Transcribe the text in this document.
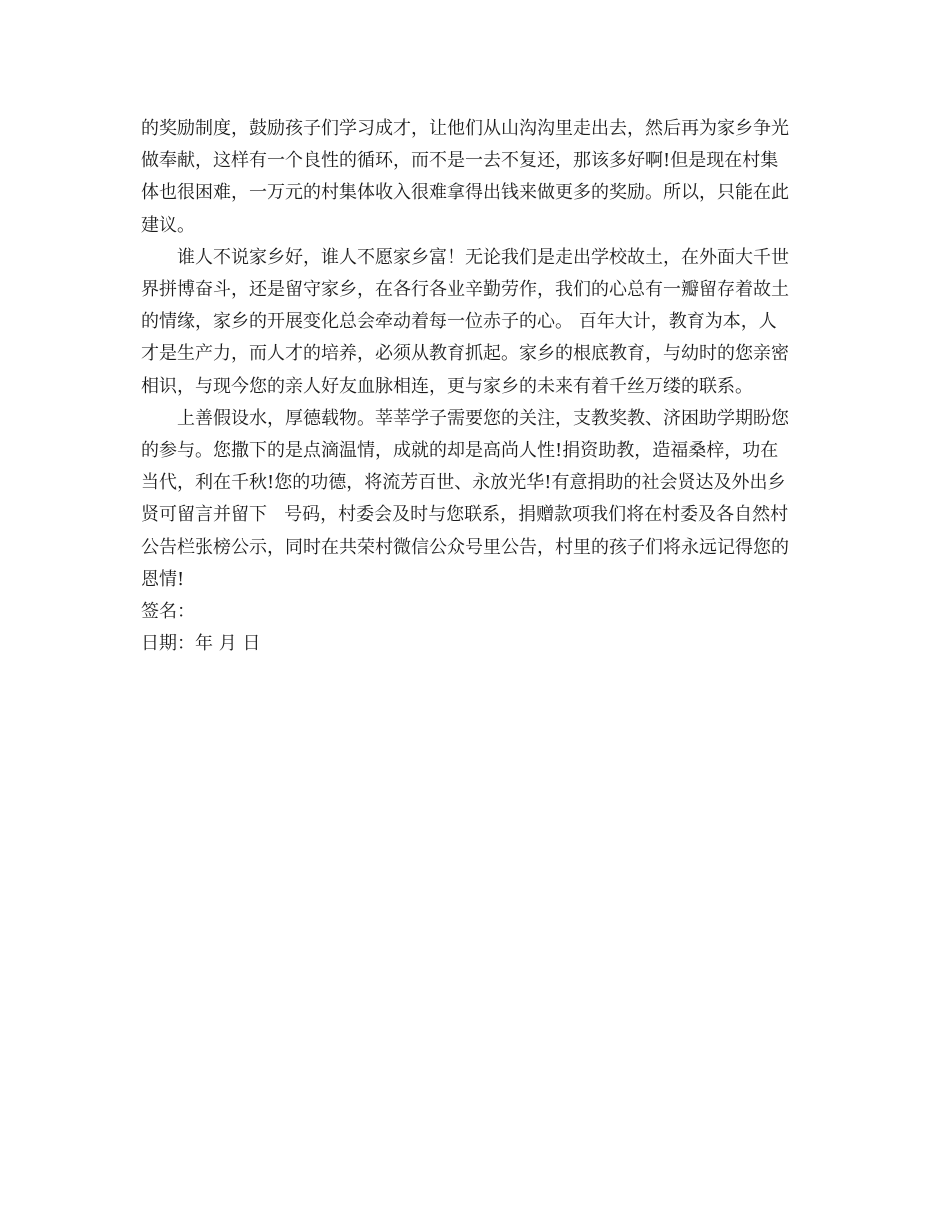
的奖励制度，鼓励孩子们学习成才，让他们从山沟沟里走出去，然后再为家乡争光
做奉献，这样有一个良性的循环，而不是一去不复还，那该多好啊!但是现在村集
体也很困难，一万元的村集体收入很难拿得出钱来做更多的奖励。所以，只能在此
建议。

谁人不说家乡好，谁人不愿家乡富！无论我们是走出学校故土，在外面大千世
界拼博奋斗，还是留守家乡，在各行各业辛勤劳作，我们的心总有一瓣留存着故土
的情缘，家乡的开展变化总会牵动着每一位赤子的心。 百年大计，教育为本，人
才是生产力，而人才的培养，必须从教育抓起。家乡的根底教育，与幼时的您亲密
相识，与现今您的亲人好友血脉相连，更与家乡的未来有着千丝万缕的联系。

上善假设水，厚德载物。莘莘学子需要您的关注，支教奖教、济困助学期盼您
的参与。您撒下的是点滴温情，成就的却是高尚人性!捐资助教，造福桑梓，功在
当代，利在千秋!您的功德，将流芳百世、永放光华!有意捐助的社会贤达及外出乡
贤可留言并留下   号码，村委会及时与您联系，捐赠款项我们将在村委及各自然村
公告栏张榜公示，同时在共荣村微信公众号里公告，村里的孩子们将永远记得您的
恩情!

签名：

日期：年 月 日
